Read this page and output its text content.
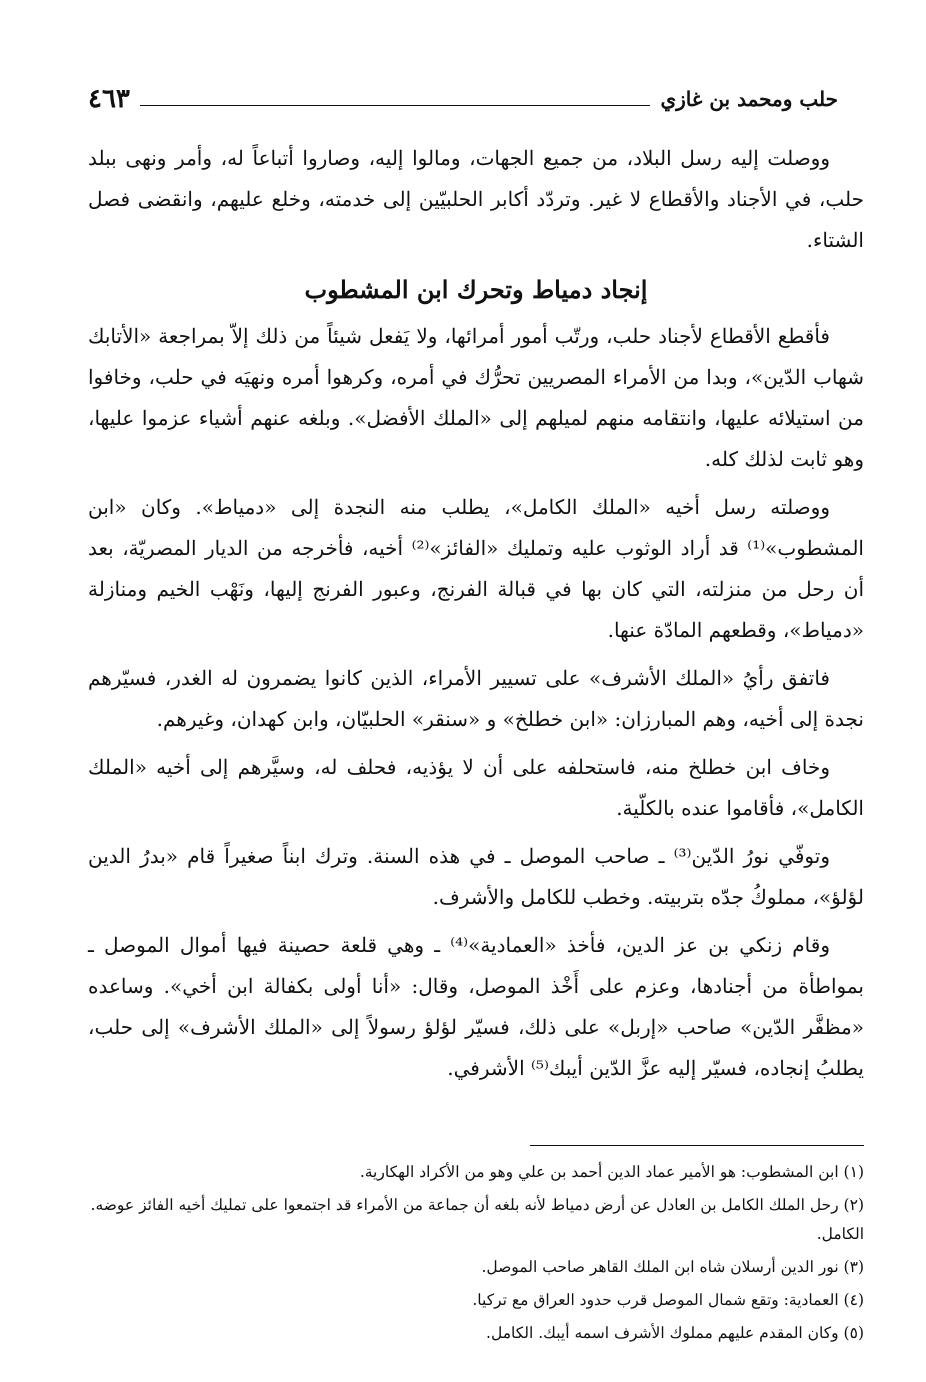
٤٦٣	حلب ومحمد بن غازي

ووصلت إليه رسل البلاد، من جميع الجهات، ومالوا إليه، وصاروا أتباعاً له، وأمر ونهى ببلد حلب، في الأجناد والأقطاع لا غير. وتردّد أكابر الحلبيّين إلى خدمته، وخلع عليهم، وانقضى فصل الشتاء.

إنجاد دمياط وتحرك ابن المشطوب

فأقطع الأقطاع لأجناد حلب، ورتّب أمور أمرائها، ولا يَفعل شيئاً من ذلك إلاّ بمراجعة «الأتابك شهاب الدّين»، وبدا من الأمراء المصريين تحرُّك في أمره، وكرهوا أمره ونهيَه في حلب، وخافوا من استيلائه عليها، وانتقامه منهم لميلهم إلى «الملك الأفضل». وبلغه عنهم أشياء عزموا عليها، وهو ثابت لذلك كله.

ووصلته رسل أخيه «الملك الكامل»، يطلب منه النجدة إلى «دمياط». وكان «ابن المشطوب»⁽¹⁾ قد أراد الوثوب عليه وتمليك «الفائز»⁽²⁾ أخيه، فأخرجه من الديار المصريّة، بعد أن رحل من منزلته، التي كان بها في قبالة الفرنج، وعبور الفرنج إليها، ونَهْب الخيم ومنازلة «دمياط»، وقطعهم المادّة عنها.

فاتفق رأيُ «الملك الأشرف» على تسيير الأمراء، الذين كانوا يضمرون له الغدر، فسيّرهم نجدة إلى أخيه، وهم المبارزان: «ابن خطلخ» و «سنقر» الحلبيّان، وابن كهدان، وغيرهم.

وخاف ابن خطلخ منه، فاستحلفه على أن لا يؤذيه، فحلف له، وسيَّرهم إلى أخيه «الملك الكامل»، فأقاموا عنده بالكلّية.

وتوفّي نورُ الدّين⁽³⁾ ـ صاحب الموصل ـ في هذه السنة. وترك ابناً صغيراً قام «بدرُ الدين لؤلؤ»، مملوكُ جدّه بتربيته. وخطب للكامل والأشرف.

وقام زنكي بن عز الدين، فأخذ «العمادية»⁽⁴⁾ ـ وهي قلعة حصينة فيها أموال الموصل ـ بمواطأة من أجنادها، وعزم على أَخْذ الموصل، وقال: «أنا أولى بكفالة ابن أخي». وساعده «مظفَّر الدّين» صاحب «إربل» على ذلك، فسيّر لؤلؤ رسولاً إلى «الملك الأشرف» إلى حلب، يطلبُ إنجاده، فسيّر إليه عزَّ الدّين أيبك⁽⁵⁾ الأشرفي.

(١) ابن المشطوب: هو الأمير عماد الدين أحمد بن علي وهو من الأكراد الهكارية.
(٢) رحل الملك الكامل بن العادل عن أرض دمياط لأنه بلغه أن جماعة من الأمراء قد اجتمعوا على تمليك أخيه الفائز عوضه. الكامل.
(٣) نور الدين أرسلان شاه ابن الملك القاهر صاحب الموصل.
(٤) العمادية: وتقع شمال الموصل قرب حدود العراق مع تركيا.
(٥) وكان المقدم عليهم مملوك الأشرف اسمه أيبك. الكامل.
